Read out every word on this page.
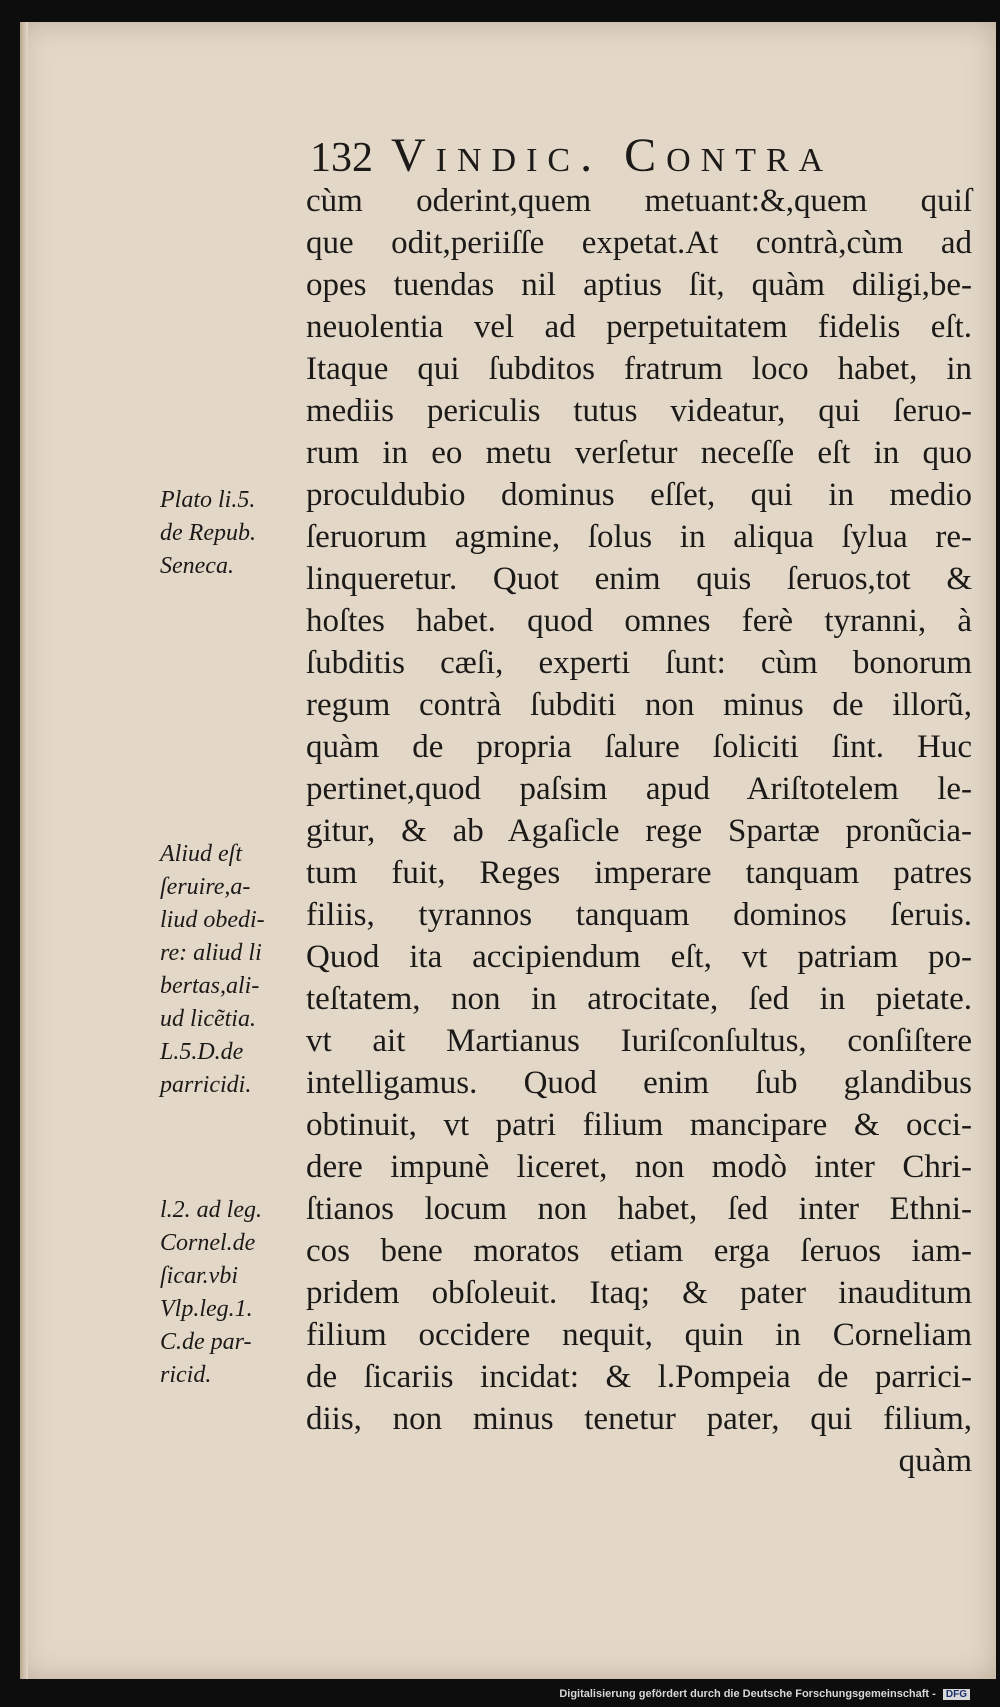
132 Vindic. Contra
cùm oderint,quem metuant:&,quem quiſ
que odit,periiſſe expetat.At contrà,cùm ad
opes tuendas nil aptius ſit, quàm diligi,be-
neuolentia vel ad perpetuitatem fidelis eſt.
Itaque qui ſubditos fratrum loco habet, in
mediis periculis tutus videatur, qui ſeruo-
rum in eo metu verſetur neceſſe eſt in quo
proculdubio dominus eſſet, qui in medio
ſeruorum agmine, ſolus in aliqua ſylua re-
linqueretur. Quot enim quis ſeruos,tot &
hoſtes habet. quod omnes ferè tyranni, à
ſubditis cæſi, experti ſunt: cùm bonorum
regum contrà ſubditi non minus de illorũ,
quàm de propria ſalure ſoliciti ſint. Huc
pertinet,quod paſsim apud Ariſtotelem le-
gitur, & ab Agaſicle rege Spartæ pronũcia-
tum fuit, Reges imperare tanquam patres
filiis, tyrannos tanquam dominos ſeruis.
Quod ita accipiendum eſt, vt patriam po-
teſtatem, non in atrocitate, ſed in pietate.
vt ait Martianus Iuriſconſultus, conſiſtere
intelligamus. Quod enim ſub glandibus
obtinuit, vt patri filium mancipare & occi-
dere impunè liceret, non modò inter Chri-
ſtianos locum non habet, ſed inter Ethni-
cos bene moratos etiam erga ſeruos iam-
pridem obſoleuit. Itaq; & pater inauditum
filium occidere nequit, quin in Corneliam
de ſicariis incidat: & l.Pompeia de parrici-
diis, non minus tenetur pater, qui filium,
quàm
Plato li.5.
de Repub.
Seneca.
Aliud eſt
ſeruire,a-
liud obedi-
re: aliud li
bertas,ali-
ud licẽtia.
L.5.D.de
parricidi.
l.2. ad leg.
Cornel.de
ſicar.vbi
Vlp.leg.1.
C.de par-
ricid.
Digitalisierung gefördert durch die Deutsche Forschungsgemeinschaft - DFG
